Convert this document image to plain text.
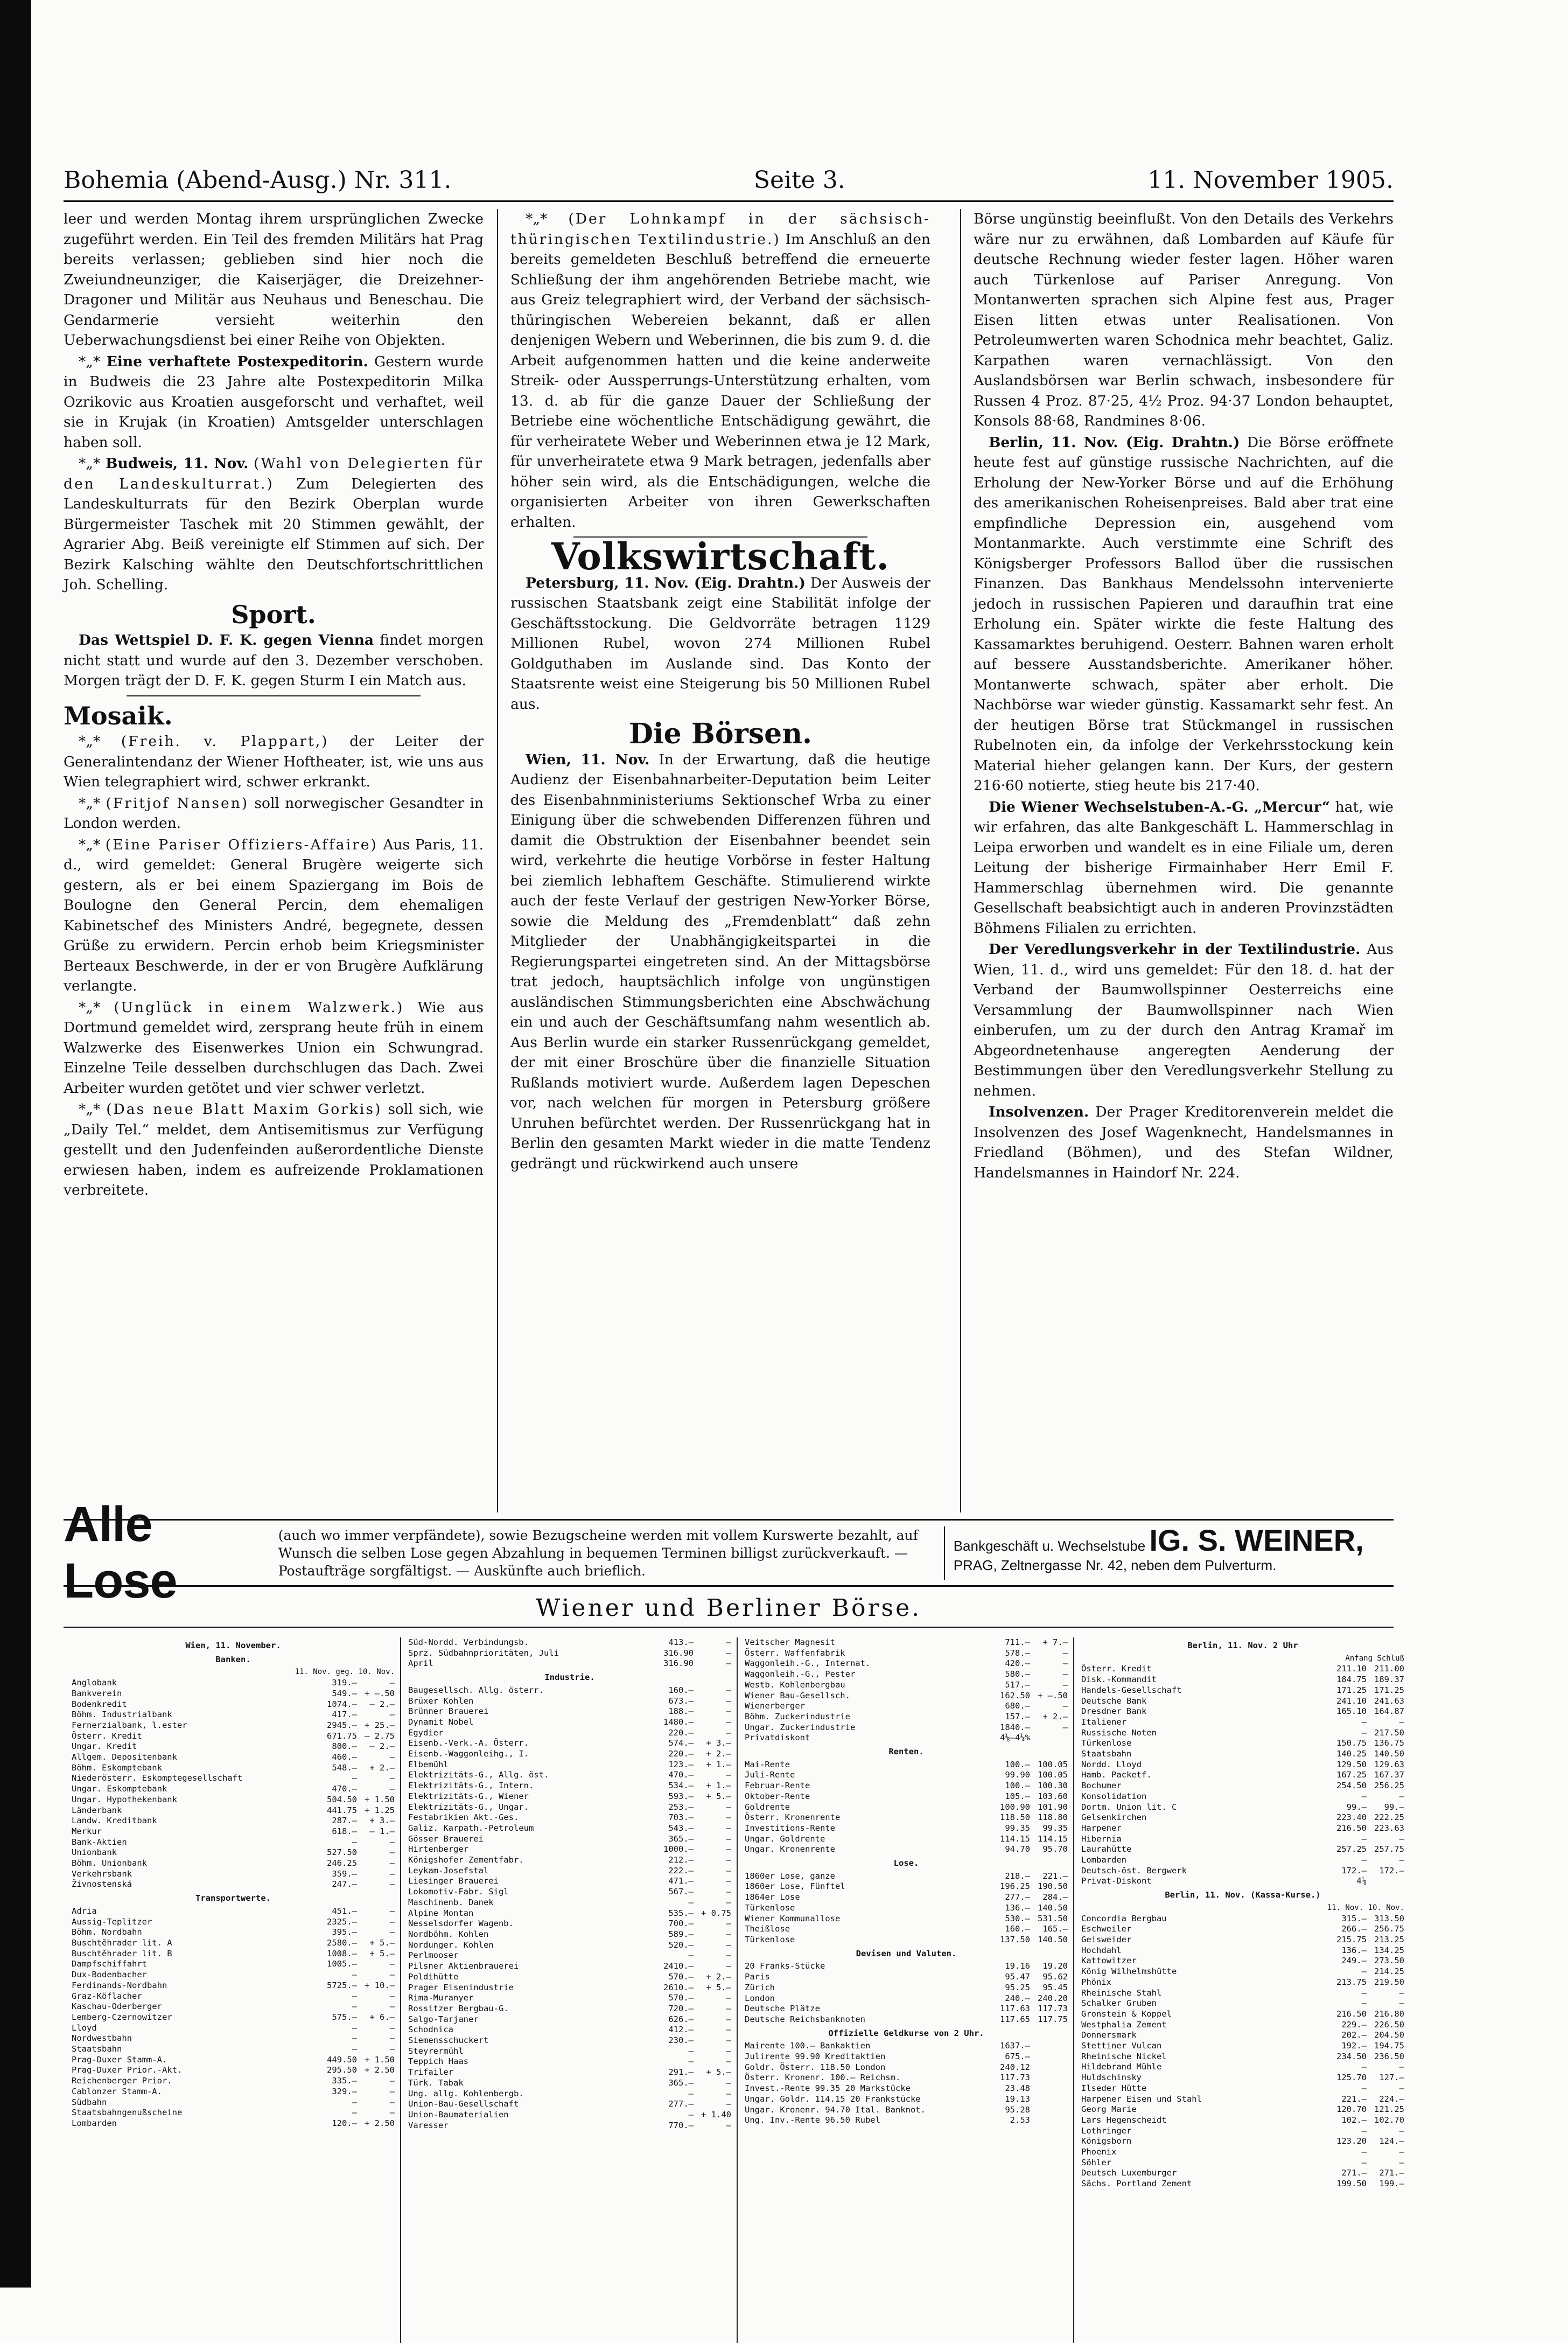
Bohemia (Abend-Ausg.) Nr. 311.	Seite 3.	11. November 1905.

leer und werden Montag ihrem ursprünglichen Zwecke zugeführt werden. Ein Teil des fremden Militärs hat Prag bereits verlassen; geblieben sind hier noch die Zweiundneunziger, die Kaiserjäger, die Dreizehner-Dragoner und Militär aus Neuhaus und Beneschau. Die Gendarmerie versieht weiterhin den Ueberwachungsdienst bei einer Reihe von Objekten.

*„* Eine verhaftete Postexpeditorin. Gestern wurde in Budweis die 23 Jahre alte Postexpeditorin Milka Ozrikovic aus Kroatien ausgeforscht und verhaftet, weil sie in Krujak (in Kroatien) Amtsgelder unterschlagen haben soll.

*„* Budweis, 11. Nov. (Wahl von Delegierten für den Landeskulturrat.) Zum Delegierten des Landeskulturrats für den Bezirk Oberplan wurde Bürgermeister Taschek mit 20 Stimmen gewählt, der Agrarier Abg. Beiß vereinigte elf Stimmen auf sich. Der Bezirk Kalsching wählte den Deutschfortschrittlichen Joh. Schelling.

Sport.

Das Wettspiel D. F. K. gegen Vienna findet morgen nicht statt und wurde auf den 3. Dezember verschoben. Morgen trägt der D. F. K. gegen Sturm I ein Match aus.

Mosaik.

*„* (Freih. v. Plappart,) der Leiter der Generalintendanz der Wiener Hoftheater, ist, wie uns aus Wien telegraphiert wird, schwer erkrankt.

*„* (Fritjof Nansen) soll norwegischer Gesandter in London werden.

*„* (Eine Pariser Offiziers-Affaire) Aus Paris, 11. d., wird gemeldet: General Brugère weigerte sich gestern, als er bei einem Spaziergang im Bois de Boulogne den General Percin, dem ehemaligen Kabinetschef des Ministers André, begegnete, dessen Grüße zu erwidern. Percin erhob beim Kriegsminister Berteaux Beschwerde, in der er von Brugère Aufklärung verlangte.

*„* (Unglück in einem Walzwerk.) Wie aus Dortmund gemeldet wird, zersprang heute früh in einem Walzwerke des Eisenwerkes Union ein Schwungrad. Einzelne Teile desselben durchschlugen das Dach. Zwei Arbeiter wurden getötet und vier schwer verletzt.

*„* (Das neue Blatt Maxim Gorkis) soll sich, wie „Daily Tel.“ meldet, dem Antisemitismus zur Verfügung gestellt und den Judenfeinden außerordentliche Dienste erwiesen haben, indem es aufreizende Proklamationen verbreitete.

*„* (Der Lohnkampf in der sächsisch-thüringischen Textilindustrie.) Im Anschluß an den bereits gemeldeten Beschluß betreffend die erneuerte Schließung der ihm angehörenden Betriebe macht, wie aus Greiz telegraphiert wird, der Verband der sächsisch-thüringischen Webereien bekannt, daß er allen denjenigen Webern und Weberinnen, die bis zum 9. d. die Arbeit aufgenommen hatten und die keine anderweite Streik- oder Aussperrungs-Unterstützung erhalten, vom 13. d. ab für die ganze Dauer der Schließung der Betriebe eine wöchentliche Entschädigung gewährt, die für verheiratete Weber und Weberinnen etwa je 12 Mark, für unverheiratete etwa 9 Mark betragen, jedenfalls aber höher sein wird, als die Entschädigungen, welche die organisierten Arbeiter von ihren Gewerkschaften erhalten.

Volkswirtschaft.

Petersburg, 11. Nov. (Eig. Drahtn.) Der Ausweis der russischen Staatsbank zeigt eine Stabilität infolge der Geschäftsstockung. Die Geldvorräte betragen 1129 Millionen Rubel, wovon 274 Millionen Rubel Goldguthaben im Auslande sind. Das Konto der Staatsrente weist eine Steigerung bis 50 Millionen Rubel aus.

Die Börsen.

Wien, 11. Nov. In der Erwartung, daß die heutige Audienz der Eisenbahnarbeiter-Deputation beim Leiter des Eisenbahnministeriums Sektionschef Wrba zu einer Einigung über die schwebenden Differenzen führen und damit die Obstruktion der Eisenbahner beendet sein wird, verkehrte die heutige Vorbörse in fester Haltung bei ziemlich lebhaftem Geschäfte. Stimulierend wirkte auch der feste Verlauf der gestrigen New-Yorker Börse, sowie die Meldung des „Fremdenblatt“ daß zehn Mitglieder der Unabhängigkeitspartei in die Regierungspartei eingetreten sind. An der Mittagsbörse trat jedoch, hauptsächlich infolge von ungünstigen ausländischen Stimmungsberichten eine Abschwächung ein und auch der Geschäftsumfang nahm wesentlich ab. Aus Berlin wurde ein starker Russenrückgang gemeldet, der mit einer Broschüre über die finanzielle Situation Rußlands motiviert wurde. Außerdem lagen Depeschen vor, nach welchen für morgen in Petersburg größere Unruhen befürchtet werden. Der Russenrückgang hat in Berlin den gesamten Markt wieder in die matte Tendenz gedrängt und rückwirkend auch unsere

Börse ungünstig beeinflußt. Von den Details des Verkehrs wäre nur zu erwähnen, daß Lombarden auf Käufe für deutsche Rechnung wieder fester lagen. Höher waren auch Türkenlose auf Pariser Anregung. Von Montanwerten sprachen sich Alpine fest aus, Prager Eisen litten etwas unter Realisationen. Von Petroleumwerten waren Schodnica mehr beachtet, Galiz. Karpathen waren vernachlässigt. Von den Auslandsbörsen war Berlin schwach, insbesondere für Russen 4 Proz. 87·25, 4½ Proz. 94·37 London behauptet, Konsols 88·68, Randmines 8·06.

Berlin, 11. Nov. (Eig. Drahtn.) Die Börse eröffnete heute fest auf günstige russische Nachrichten, auf die Erholung der New-Yorker Börse und auf die Erhöhung des amerikanischen Roheisenpreises. Bald aber trat eine empfindliche Depression ein, ausgehend vom Montanmarkte. Auch verstimmte eine Schrift des Königsberger Professors Ballod über die russischen Finanzen. Das Bankhaus Mendelssohn intervenierte jedoch in russischen Papieren und daraufhin trat eine Erholung ein. Später wirkte die feste Haltung des Kassamarktes beruhigend. Oesterr. Bahnen waren erholt auf bessere Ausstandsberichte. Amerikaner höher. Montanwerte schwach, später aber erholt. Die Nachbörse war wieder günstig. Kassamarkt sehr fest. An der heutigen Börse trat Stückmangel in russischen Rubelnoten ein, da infolge der Verkehrsstockung kein Material hieher gelangen kann. Der Kurs, der gestern 216·60 notierte, stieg heute bis 217·40.

Die Wiener Wechselstuben-A.-G. „Mercur“ hat, wie wir erfahren, das alte Bankgeschäft L. Hammerschlag in Leipa erworben und wandelt es in eine Filiale um, deren Leitung der bisherige Firmainhaber Herr Emil F. Hammerschlag übernehmen wird. Die genannte Gesellschaft beabsichtigt auch in anderen Provinzstädten Böhmens Filialen zu errichten.

Der Veredlungsverkehr in der Textilindustrie. Aus Wien, 11. d., wird uns gemeldet: Für den 18. d. hat der Verband der Baumwollspinner Oesterreichs eine Versammlung der Baumwollspinner nach Wien einberufen, um zu der durch den Antrag Kramař im Abgeordnetenhause angeregten Aenderung der Bestimmungen über den Veredlungsverkehr Stellung zu nehmen.

Insolvenzen. Der Prager Kreditorenverein meldet die Insolvenzen des Josef Wagenknecht, Handelsmannes in Friedland (Böhmen), und des Stefan Wildner, Handelsmannes in Haindorf Nr. 224.

Alle Lose
(auch wo immer verpfändete), sowie Bezugscheine werden mit vollem Kurswerte bezahlt, auf Wunsch die selben Lose gegen Abzahlung in bequemen Terminen billigst zurückverkauft. — Postaufträge sorgfältigst. — Auskünfte auch brieflich.
Bankgeschäft u. Wechselstube IG. S. WEINER,
PRAG, Zeltnergasse Nr. 42, neben dem Pulverturm.
Wiener und Berliner Börse.
Wien, 11. November.
Banken.
11. Nov. geg. 10. Nov.
Anglobank	319.—	—
Bankverein	549.— + —.50
Bodenkredit	1074.—	— 2.—
Böhm. Industrialbank	417.—	—
Fernerzialbank, l.ester	2945.— + 25.—
Österr. Kredit	671.75 — 2.75
Ungar. Kredit	800.—	— 2.—
Allgem. Depositenbank	460.—	—
Böhm. Eskomptebank	548.—	+ 2.—
Niederösterr. Eskomptegesellschaft	—	—
Ungar. Eskomptebank	470.—	—
Ungar. Hypothekenbank	504.50 + 1.50
Länderbank	441.75 + 1.25
Landw. Kreditbank	287.—	+ 3.—
Merkur	618.—	— 1.—
Bank-Aktien	—	—
Unionbank	527.50	—
Böhm. Unionbank	246.25	—
Verkehrsbank	359.—	—
Živnostenská	247.—	—
Transportwerte.
Adria	451.—	—
Aussig-Teplitzer	2325.—	—
Böhm. Nordbahn	395.—	—
Buschtěhrader lit. A	2580.—	+ 5.—
Buschtěhrader lit. B	1008.—	+ 5.—
Dampfschiffahrt	1005.—	—
Dux-Bodenbacher	—	—
Ferdinands-Nordbahn	5725.— + 10.—
Graz-Köflacher	—	—
Kaschau-Oderberger	—	—
Lemberg-Czernowitzer	575.—	+ 6.—
Lloyd	—	—
Nordwestbahn	—	—
Staatsbahn	—	—
Prag-Duxer Stamm-A.	449.50 + 1.50
Prag-Duxer Prior.-Akt.	295.50 + 2.50
Reichenberger Prior.	335.—	—
Cablonzer Stamm-A.	329.—	—
Südbahn	—	—
Staatsbahngenußscheine	—	—
Lombarden	120.— + 2.50
Süd-Nordd. Verbindungsb.	413.—	—
Sprz. Südbahnprioritäten, Juli	316.90	—
April	316.90	—
Industrie.
Baugesellsch. Allg. österr.	160.—	—
Brüxer Kohlen	673.—	—
Brünner Brauerei	188.—	—
Dynamit Nobel	1480.—	—
Egydier	220.—	—
Eisenb.-Verk.-A. Österr.	574.—	+ 3.—
Eisenb.-Waggonleihg., I.	220.—	+ 2.—
Elbemühl	123.—	+ 1.—
Elektrizitäts-G., Allg. öst.	470.—	—
Elektrizitäts-G., Intern.	534.—	+ 1.—
Elektrizitäts-G., Wiener	593.—	+ 5.—
Elektrizitäts-G., Ungar.	253.—	—
Festabrikien Akt.-Ges.	703.—	—
Galiz. Karpath.-Petroleum	543.—	—
Gösser Brauerei	365.—	—
Hirtenberger	1000.—	—
Königshofer Zementfabr.	212.—	—
Leykam-Josefstal	222.—	—
Liesinger Brauerei	471.—	—
Lokomotiv-Fabr. Sigl	567.—	—
Maschinenb. Danek	—	—
Alpine Montan	535.— + 0.75
Nesselsdorfer Wagenb.	700.—	—
Nordböhm. Kohlen	589.—	—
Nordunger. Kohlen	520.—	—
Perlmooser	—	—
Pilsner Aktienbrauerei	2410.—	—
Poldihütte	570.—	+ 2.—
Prager Eisenindustrie	2610.—	+ 5.—
Rima-Muranyer	570.—	—
Rossitzer Bergbau-G.	720.—	—
Salgo-Tarjaner	626.—	—
Schodnica	412.—	—
Siemensschuckert	230.—	—
Steyrermühl	—	—
Teppich Haas	—	—
Trifailer	291.—	+ 5.—
Türk. Tabak	365.—	—
Ung. allg. Kohlenbergb.	—	—
Union-Bau-Gesellschaft	277.—	—
Union-Baumaterialien	— + 1.40
Varesser	770.—	—
Veitscher Magnesit	711.—	+ 7.—
Österr. Waffenfabrik	578.—	—
Waggonleih.-G., Internat.	420.—	—
Waggonleih.-G., Pester	580.—	—
Westb. Kohlenbergbau	517.—	—
Wiener Bau-Gesellsch.	162.50 + —.50
Wienerberger	680.—	—
Böhm. Zuckerindustrie	157.—	+ 2.—
Ungar. Zuckerindustrie	1840.—	—
Privatdiskont	4⅛–4¼%
Renten.
Mai-Rente	100.— 100.05
Juli-Rente	99.90 100.05
Februar-Rente	100.— 100.30
Oktober-Rente	105.— 103.60
Goldrente	100.90 101.90
Österr. Kronenrente	118.50 118.80
Investitions-Rente	99.35	99.35
Ungar. Goldrente	114.15 114.15
Ungar. Kronenrente	94.70	95.70
Lose.
1860er Lose, ganze	218.—	221.—
1860er Lose, Fünftel	196.25 190.50
1864er Lose	277.—	284.—
Türkenlose	136.— 140.50
Wiener Kommunallose	530.— 531.50
Theißlose	160.—	165.—
Türkenlose	137.50 140.50
Devisen und Valuten.
20 Franks-Stücke	19.16	19.20
Paris	95.47	95.62
Zürich	95.25	95.45
London	240.— 240.20
Deutsche Plätze	117.63 117.73
Deutsche Reichsbanknoten	117.65 117.75
Offizielle Geldkurse von 2 Uhr.
Mairente 100.— Bankaktien	1637.—
Julirente 99.90 Kreditaktien	675.—
Goldr. Österr. 118.50 London	240.12
Österr. Kronenr. 100.— Reichsm.	117.73
Invest.-Rente 99.35 20 Markstücke	23.48
Ungar. Goldr. 114.15 20 Frankstücke	19.13
Ungar. Kronenr. 94.70 Ital. Banknot.	95.28
Ung. Inv.-Rente 96.50 Rubel	2.53
Berlin, 11. Nov. 2 Uhr
Anfang Schluß
Österr. Kredit	211.10 211.00
Disk.-Kommandit	184.75 189.37
Handels-Gesellschaft	171.25 171.25
Deutsche Bank	241.10 241.63
Dresdner Bank	165.10 164.87
Italiener	—	—
Russische Noten	— 217.50
Türkenlose	150.75 136.75
Staatsbahn	140.25 140.50
Nordd. Lloyd	129.50 129.63
Hamb. Packetf.	167.25 167.37
Bochumer	254.50 256.25
Konsolidation	—	—
Dortm. Union lit. C	99.—	99.—
Gelsenkirchen	223.40 222.25
Harpener	216.50 223.63
Hibernia	—	—
Laurahütte	257.25 257.75
Lombarden	—	—
Deutsch-öst. Bergwerk	172.—	172.—
Privat-Diskont	4⅛
Berlin, 11. Nov. (Kassa-Kurse.)
11. Nov. 10. Nov.
Concordia Bergbau	315.— 313.50
Eschweiler	266.— 256.75
Geisweider	215.75 213.25
Hochdahl	136.— 134.25
Kattowitzer	249.— 273.50
König Wilhelmshütte	— 214.25
Phönix	213.75 219.50
Rheinische Stahl	—	—
Schalker Gruben	—	—
Gronstein & Koppel	216.50 216.80
Westphalia Zement	229.— 226.50
Donnersmark	202.— 204.50
Stettiner Vulcan	192.— 194.75
Rheinische Nickel	234.50 236.50
Hildebrand Mühle	—	—
Huldschinsky	125.70	127.—
Ilseder Hütte	—	—
Harpener Eisen und Stahl	221.—	224.—
Georg Marie	120.70 121.25
Lars Hegenscheidt	102.— 102.70
Lothringer	—	—
Königsborn	123.20	124.—
Phoenix	—	—
Söhler	—	—
Deutsch Luxemburger	271.—	271.—
Sächs. Portland Zement	199.50	199.—
